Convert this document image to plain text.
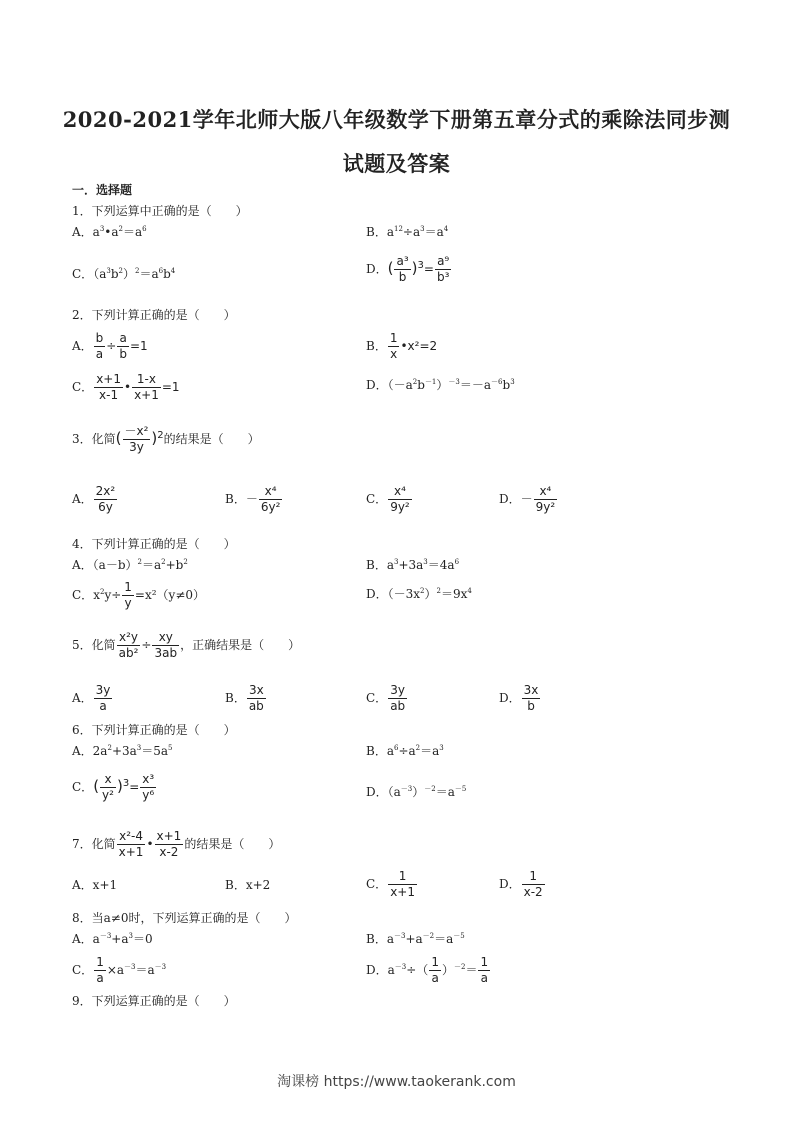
2020-2021学年北师大版八年级数学下册第五章分式的乘除法同步测
试题及答案
一．选择题
1．下列运算中正确的是（　　）
A．$a^3•a^2=a^6$	B．$a^{12}\div a^3=a^4$
C．$(a^3b^2)^2=a^6b^4$	D．( $\frac{\text{a³}}{b} )^3= \frac{\text{a⁹}}{\text{b³}}$
2．下列计算正确的是（　　）
A． $\frac{b}{a} \div \frac{a}{b} =1$	B． $\frac{1}{x}$ •x²=2
C． $\frac{x+1}{x-1}$ • $\frac{1-x}{x+1} =1$	D．$(-a^2b^{-1})^{-3}=-a^{-6}b^3$
3．化简( $\frac{\text{－x²}}{3y} )^2$的结果是（　　）
A． $\frac{\text{2x²}}{6y}$	B．－ $\frac{\text{x⁴}}{\text{6y²}}$	C． $\frac{\text{x⁴}}{\text{9y²}}$	D．－ $\frac{\text{x⁴}}{\text{9y²}}$
4．下列计算正确的是（　　）
A．$(a-b)^2=a^2+b^2$	B．$a^3+3a^3=4a^6$
C．$x^2y\div \frac{1}{y} =x^2(y\ne 0)$	D．$(-3x^2)^2=9x^4$
5．化简 $\frac{\text{x²y}}{\text{ab²}} \div \frac{xy}{3ab}$ ，正确结果是（　　）
A． $\frac{3y}{a}$	B． $\frac{3x}{ab}$	C． $\frac{3y}{ab}$	D． $\frac{3x}{b}$
6．下列计算正确的是（　　）
A．$2a^2+3a^3=5a^5$	B．$a^6\div a^2=a^3$
C．( $\frac{x}{\text{y²}} )^3= \frac{\text{x³}}{\text{y⁶}}$	D．$(a^{-3})^{-2}=a^{-5}$
7．化简 $\frac{\text{x²-4}}{x+1}$ • $\frac{x+1}{x-2}$ 的结果是（　　）
A．x+1	B．x+2	C． $\frac{1}{x+1}$	D． $\frac{1}{x-2}$
8．当a≠0时，下列运算正确的是（　　）
A．$a^{-3}+a^3=0$	B．$a^{-3}+a^{-2}=a^{-5}$
C． $\frac{1}{a} \times a^{-3}=a^{-3}$	D．$a^{-3}\div( \frac{1}{a} )^{-2}= \frac{1}{a}$
9．下列运算正确的是（　　）
淘课榜 https://www.taokerank.com
